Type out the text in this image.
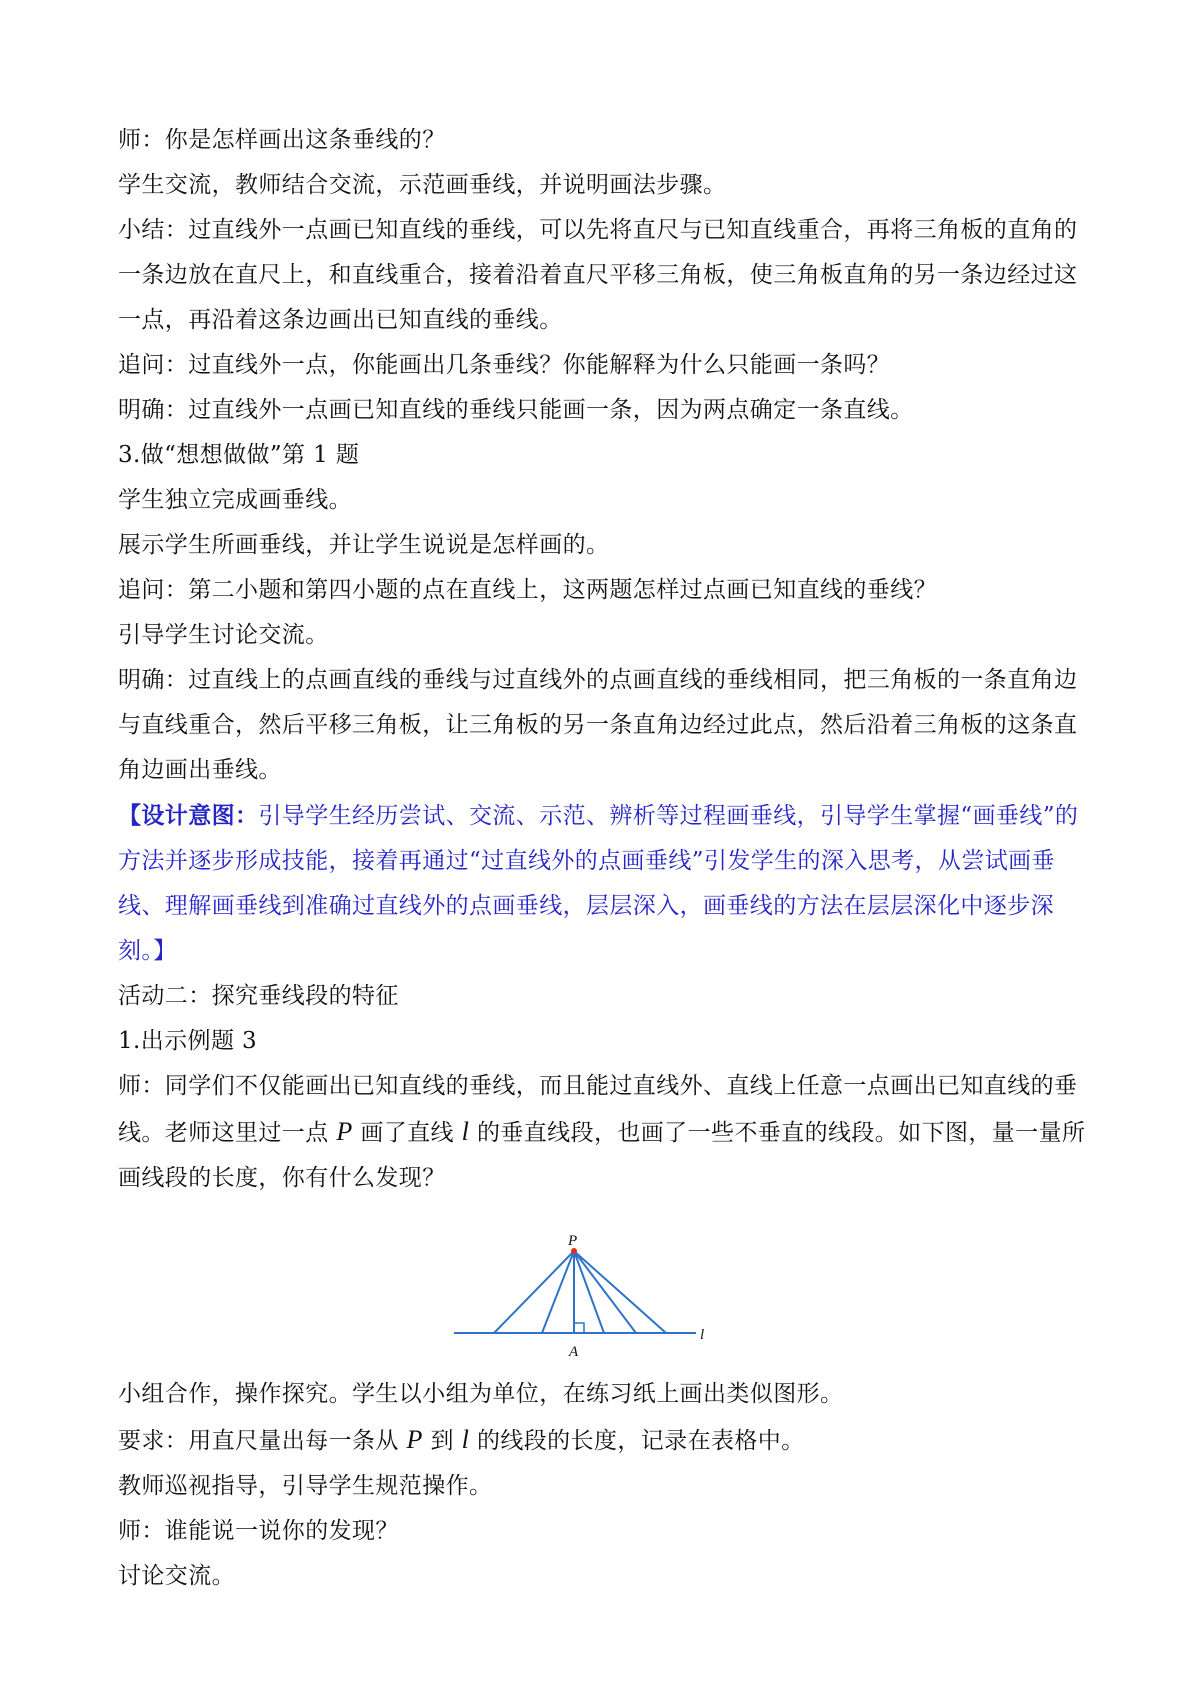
师：你是怎样画出这条垂线的？

学生交流，教师结合交流，示范画垂线，并说明画法步骤。

小结：过直线外一点画已知直线的垂线，可以先将直尺与已知直线重合，再将三角板的直角的一条边放在直尺上，和直线重合，接着沿着直尺平移三角板，使三角板直角的另一条边经过这一点，再沿着这条边画出已知直线的垂线。

追问：过直线外一点，你能画出几条垂线？你能解释为什么只能画一条吗？

明确：过直线外一点画已知直线的垂线只能画一条，因为两点确定一条直线。

3.做“想想做做”第 1 题

学生独立完成画垂线。

展示学生所画垂线，并让学生说说是怎样画的。

追问：第二小题和第四小题的点在直线上，这两题怎样过点画已知直线的垂线？

引导学生讨论交流。

明确：过直线上的点画直线的垂线与过直线外的点画直线的垂线相同，把三角板的一条直角边与直线重合，然后平移三角板，让三角板的另一条直角边经过此点，然后沿着三角板的这条直角边画出垂线。

【设计意图：引导学生经历尝试、交流、示范、辨析等过程画垂线，引导学生掌握“画垂线”的方法并逐步形成技能，接着再通过“过直线外的点画垂线”引发学生的深入思考，从尝试画垂线、理解画垂线到准确过直线外的点画垂线，层层深入，画垂线的方法在层层深化中逐步深刻。】

活动二：探究垂线段的特征

1.出示例题 3

师：同学们不仅能画出已知直线的垂线，而且能过直线外、直线上任意一点画出已知直线的垂线。老师这里过一点 P 画了直线 l 的垂直线段，也画了一些不垂直的线段。如下图，量一量所画线段的长度，你有什么发现？

P
A
l

小组合作，操作探究。学生以小组为单位，在练习纸上画出类似图形。

要求：用直尺量出每一条从 P 到 l 的线段的长度，记录在表格中。

教师巡视指导，引导学生规范操作。

师：谁能说一说你的发现？

讨论交流。
